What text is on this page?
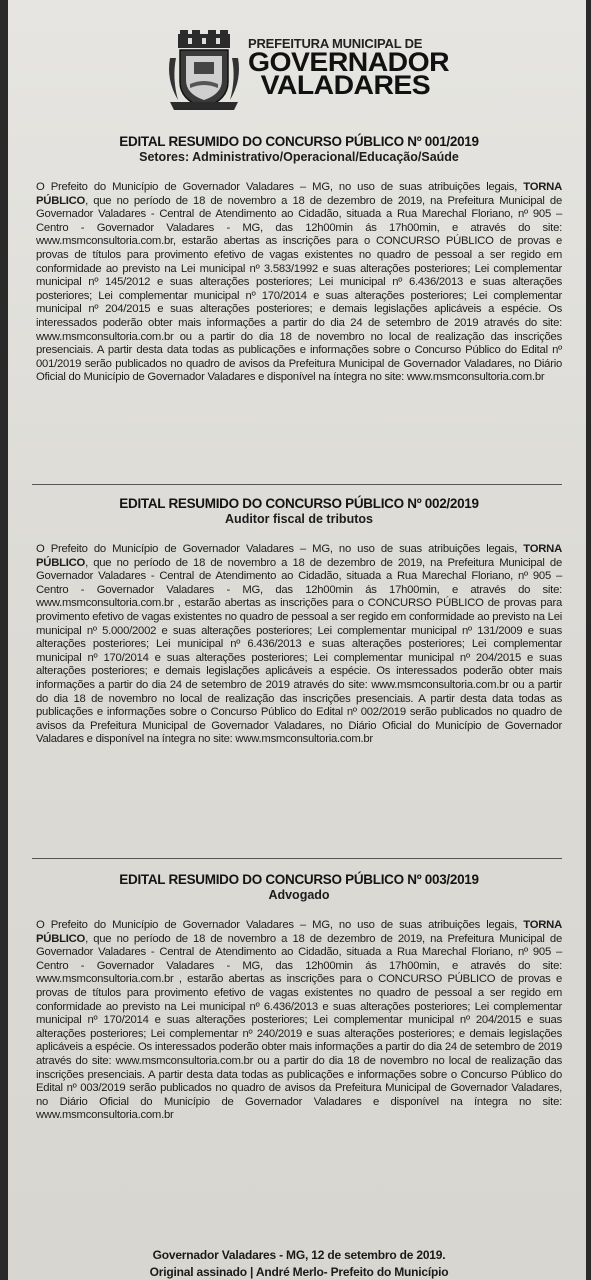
PREFEITURA MUNICIPAL DE
GOVERNADOR
VALADARES
EDITAL RESUMIDO DO CONCURSO PÚBLICO Nº 001/2019
Setores: Administrativo/Operacional/Educação/Saúde
O Prefeito do Município de Governador Valadares – MG, no uso de suas atribuições legais, TORNA PÚBLICO, que no período de 18 de novembro a 18 de dezembro de 2019, na Prefeitura Municipal de Governador Valadares - Central de Atendimento ao Cidadão, situada a Rua Marechal Floriano, nº 905 – Centro - Governador Valadares - MG, das 12h00min ás 17h00min, e através do site: www.msmconsultoria.com.br, estarão abertas as inscrições para o CONCURSO PÚBLICO de provas e provas de títulos para provimento efetivo de vagas existentes no quadro de pessoal a ser regido em conformidade ao previsto na Lei municipal nº 3.583/1992 e suas alterações posteriores; Lei complementar municipal nº 145/2012 e suas alterações posteriores; Lei municipal nº 6.436/2013 e suas alterações posteriores; Lei complementar municipal nº 170/2014 e suas alterações posteriores; Lei complementar municipal nº 204/2015 e suas alterações posteriores; e demais legislações aplicáveis a espécie. Os interessados poderão obter mais informações a partir do dia 24 de setembro de 2019 através do site: www.msmconsultoria.com.br ou a partir do dia 18 de novembro no local de realização das inscrições presenciais. A partir desta data todas as publicações e informações sobre o Concurso Público do Edital nº 001/2019 serão publicados no quadro de avisos da Prefeitura Municipal de Governador Valadares, no Diário Oficial do Município de Governador Valadares e disponível na íntegra no site: www.msmconsultoria.com.br
EDITAL RESUMIDO DO CONCURSO PÚBLICO Nº 002/2019
Auditor fiscal de tributos
O Prefeito do Município de Governador Valadares – MG, no uso de suas atribuições legais, TORNA PÚBLICO, que no período de 18 de novembro a 18 de dezembro de 2019, na Prefeitura Municipal de Governador Valadares - Central de Atendimento ao Cidadão, situada a Rua Marechal Floriano, nº 905 – Centro - Governador Valadares - MG, das 12h00min ás 17h00min, e através do site: www.msmconsultoria.com.br , estarão abertas as inscrições para o CONCURSO PÚBLICO de provas para provimento efetivo de vagas existentes no quadro de pessoal a ser regido em conformidade ao previsto na Lei municipal nº 5.000/2002 e suas alterações posteriores; Lei complementar municipal nº 131/2009 e suas alterações posteriores; Lei municipal nº 6.436/2013 e suas alterações posteriores; Lei complementar municipal nº 170/2014 e suas alterações posteriores; Lei complementar municipal nº 204/2015 e suas alterações posteriores; e demais legislações aplicáveis a espécie. Os interessados poderão obter mais informações a partir do dia 24 de setembro de 2019 através do site: www.msmconsultoria.com.br ou a partir do dia 18 de novembro no local de realização das inscrições presenciais. A partir desta data todas as publicações e informações sobre o Concurso Público do Edital nº 002/2019 serão publicados no quadro de avisos da Prefeitura Municipal de Governador Valadares, no Diário Oficial do Município de Governador Valadares e disponível na íntegra no site: www.msmconsultoria.com.br
EDITAL RESUMIDO DO CONCURSO PÚBLICO Nº 003/2019
Advogado
O Prefeito do Município de Governador Valadares – MG, no uso de suas atribuições legais, TORNA PÚBLICO, que no período de 18 de novembro a 18 de dezembro de 2019, na Prefeitura Municipal de Governador Valadares - Central de Atendimento ao Cidadão, situada a Rua Marechal Floriano, nº 905 – Centro - Governador Valadares - MG, das 12h00min ás 17h00min, e através do site: www.msmconsultoria.com.br , estarão abertas as inscrições para o CONCURSO PÚBLICO de provas e provas de títulos para provimento efetivo de vagas existentes no quadro de pessoal a ser regido em conformidade ao previsto na Lei municipal nº 6.436/2013 e suas alterações posteriores; Lei complementar municipal nº 170/2014 e suas alterações posteriores; Lei complementar municipal nº 204/2015 e suas alterações posteriores; Lei complementar nº 240/2019 e suas alterações posteriores; e demais legislações aplicáveis a espécie. Os interessados poderão obter mais informações a partir do dia 24 de setembro de 2019 através do site: www.msmconsultoria.com.br ou a partir do dia 18 de novembro no local de realização das inscrições presenciais. A partir desta data todas as publicações e informações sobre o Concurso Público do Edital nº 003/2019 serão publicados no quadro de avisos da Prefeitura Municipal de Governador Valadares, no Diário Oficial do Município de Governador Valadares e disponível na íntegra no site: www.msmconsultoria.com.br
Governador Valadares - MG, 12 de setembro de 2019.
Original assinado | André Merlo- Prefeito do Município
